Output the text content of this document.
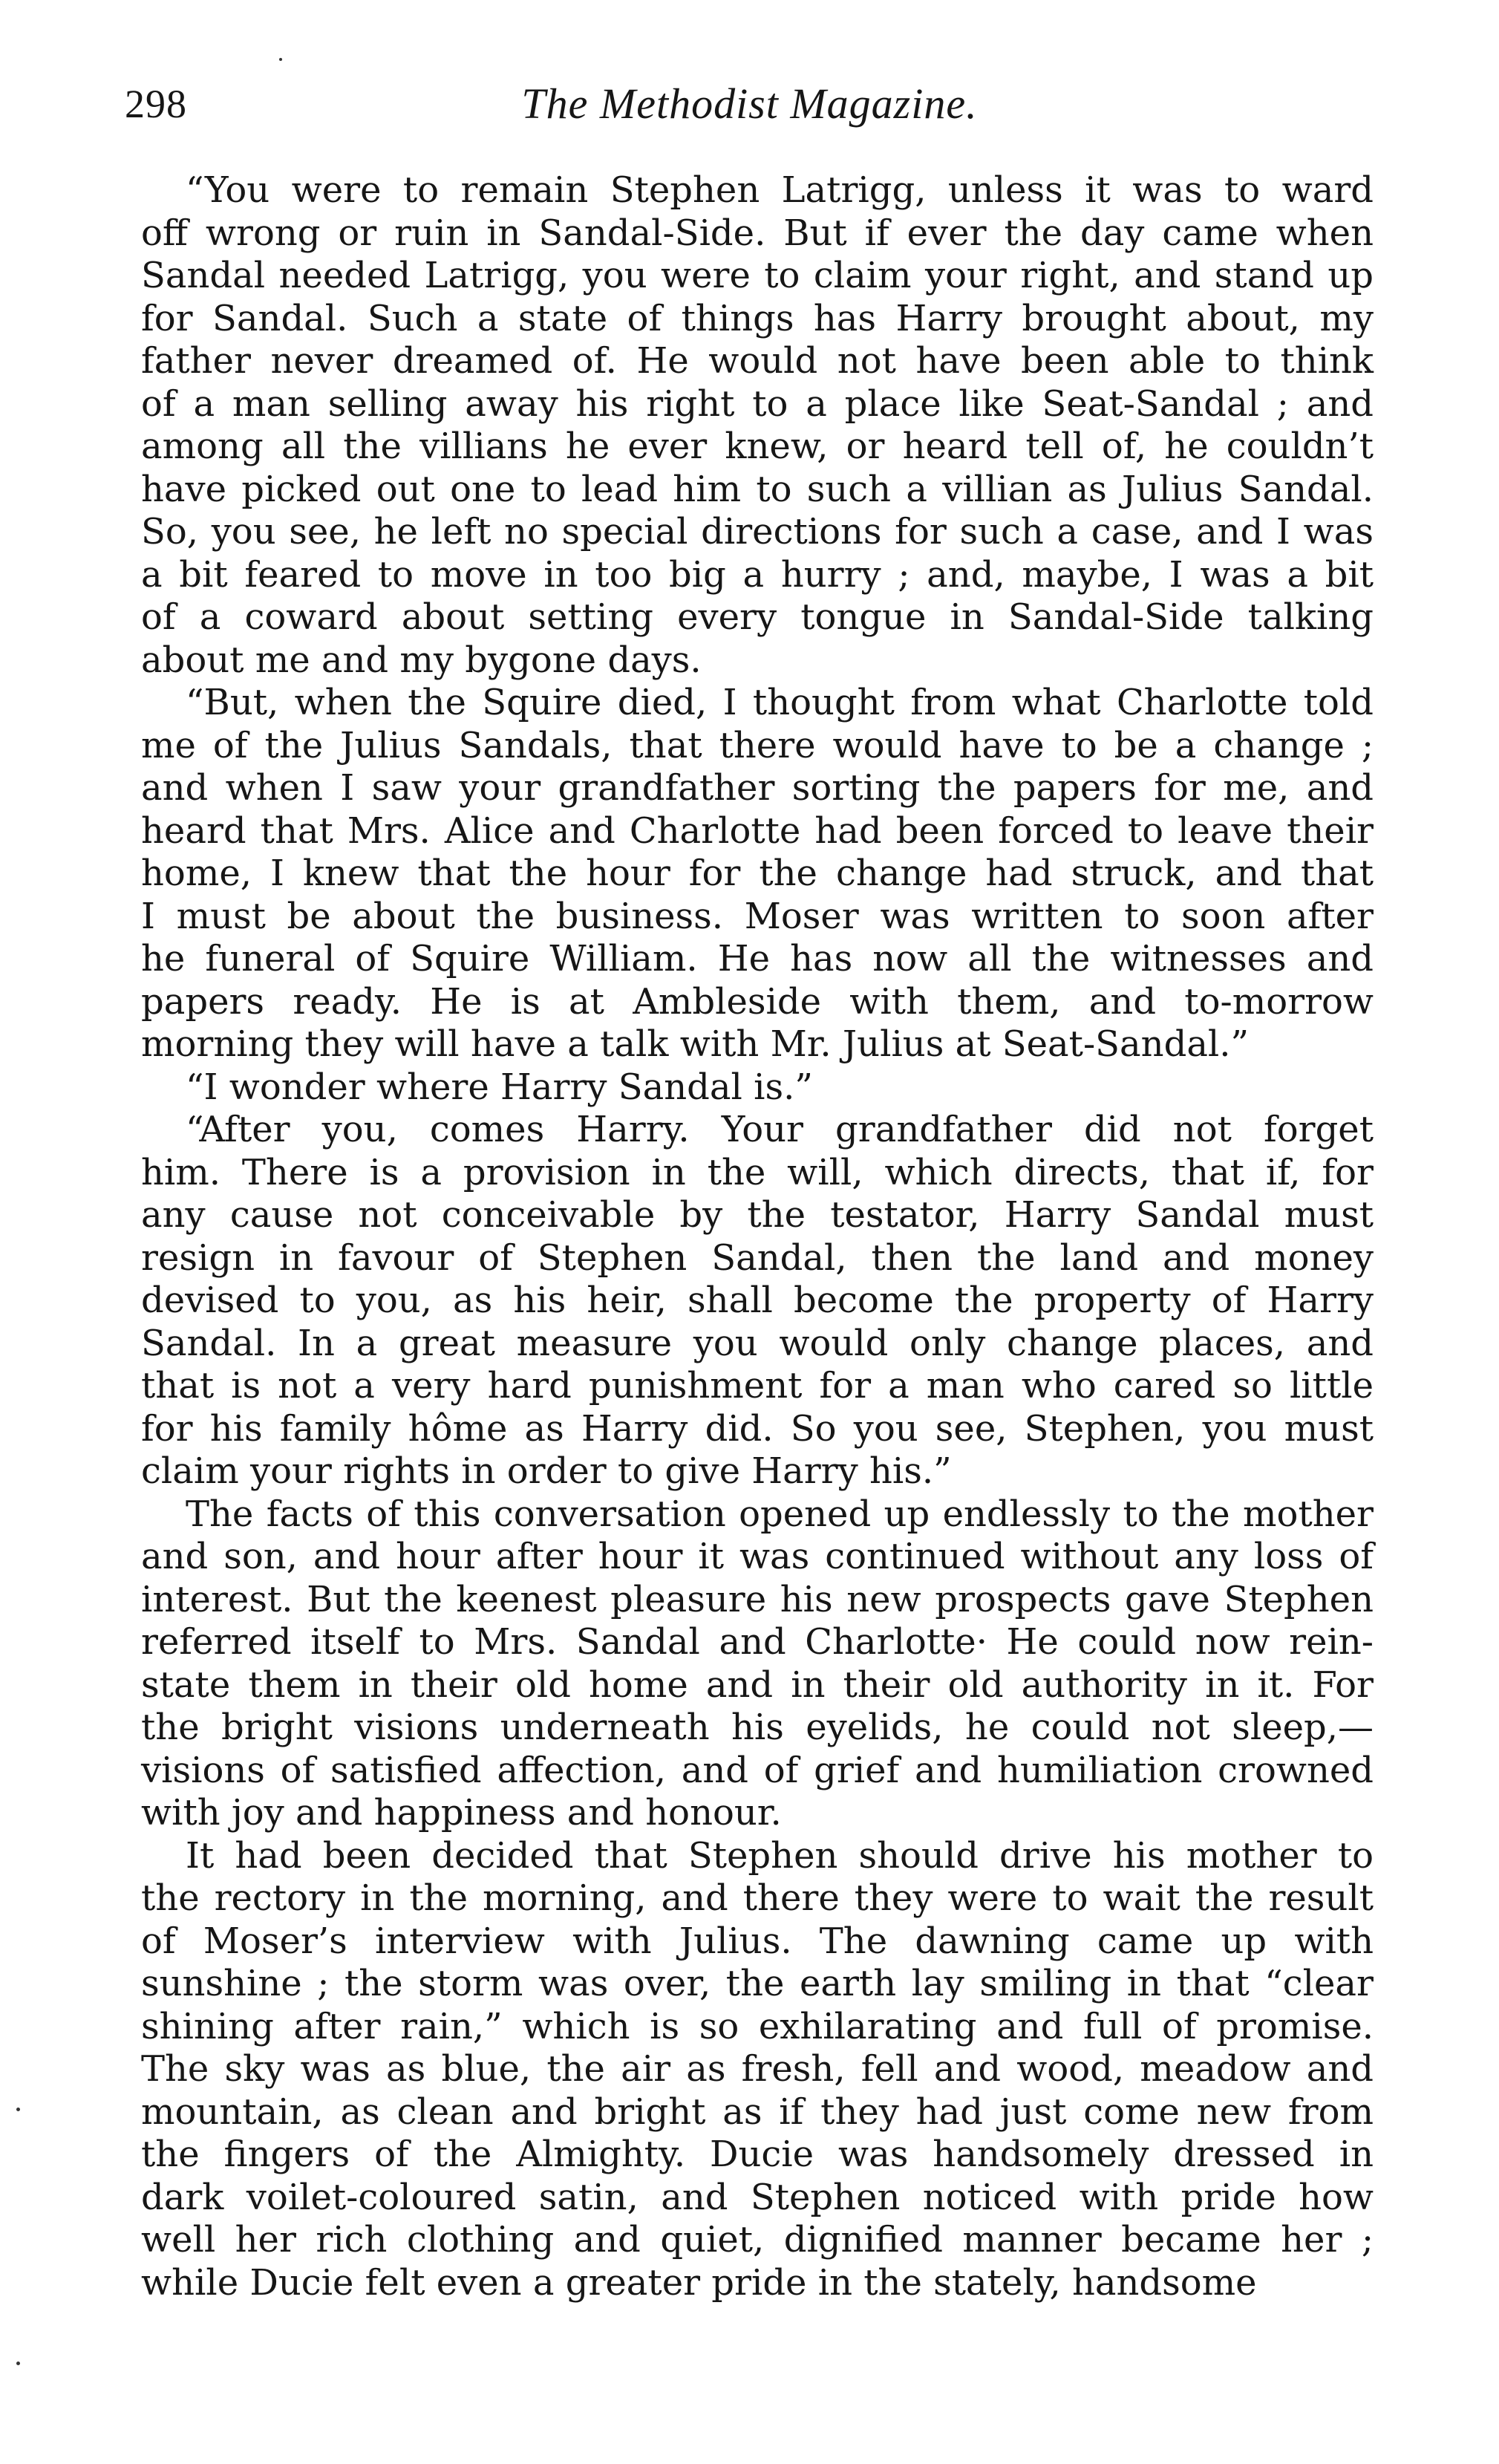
298	The Methodist Magazine.
“You were to remain Stephen Latrigg, unless it was to ward
off wrong or ruin in Sandal-Side. But if ever the day came when
Sandal needed Latrigg, you were to claim your right, and stand up
for Sandal. Such a state of things has Harry brought about, my
father never dreamed of. He would not have been able to think
of a man selling away his right to a place like Seat-Sandal ; and
among all the villians he ever knew, or heard tell of, he couldn’t
have picked out one to lead him to such a villian as Julius Sandal.
So, you see, he left no special directions for such a case, and I was
a bit feared to move in too big a hurry ; and, maybe, I was a bit
of a coward about setting every tongue in Sandal-Side talking
about me and my bygone days.
“But, when the Squire died, I thought from what Charlotte told
me of the Julius Sandals, that there would have to be a change ;
and when I saw your grandfather sorting the papers for me, and
heard that Mrs. Alice and Charlotte had been forced to leave their
home, I knew that the hour for the change had struck, and that
I must be about the business. Moser was written to soon after
he funeral of Squire William. He has now all the witnesses and
papers ready. He is at Ambleside with them, and to-morrow
morning they will have a talk with Mr. Julius at Seat-Sandal.”
“I wonder where Harry Sandal is.”
“After you, comes Harry. Your grandfather did not forget
him. There is a provision in the will, which directs, that if, for
any cause not conceivable by the testator, Harry Sandal must
resign in favour of Stephen Sandal, then the land and money
devised to you, as his heir, shall become the property of Harry
Sandal. In a great measure you would only change places, and
that is not a very hard punishment for a man who cared so little
for his family hôme as Harry did. So you see, Stephen, you must
claim your rights in order to give Harry his.”
The facts of this conversation opened up endlessly to the mother
and son, and hour after hour it was continued without any loss of
interest. But the keenest pleasure his new prospects gave Stephen
referred itself to Mrs. Sandal and Charlotte· He could now rein-
state them in their old home and in their old authority in it. For
the bright visions underneath his eyelids, he could not sleep,—
visions of satisfied affection, and of grief and humiliation crowned
with joy and happiness and honour.
It had been decided that Stephen should drive his mother to
the rectory in the morning, and there they were to wait the result
of Moser’s interview with Julius. The dawning came up with
sunshine ; the storm was over, the earth lay smiling in that “clear
shining after rain,” which is so exhilarating and full of promise.
The sky was as blue, the air as fresh, fell and wood, meadow and
mountain, as clean and bright as if they had just come new from
the fingers of the Almighty. Ducie was handsomely dressed in
dark voilet-coloured satin, and Stephen noticed with pride how
well her rich clothing and quiet, dignified manner became her ;
while Ducie felt even a greater pride in the stately, handsome
